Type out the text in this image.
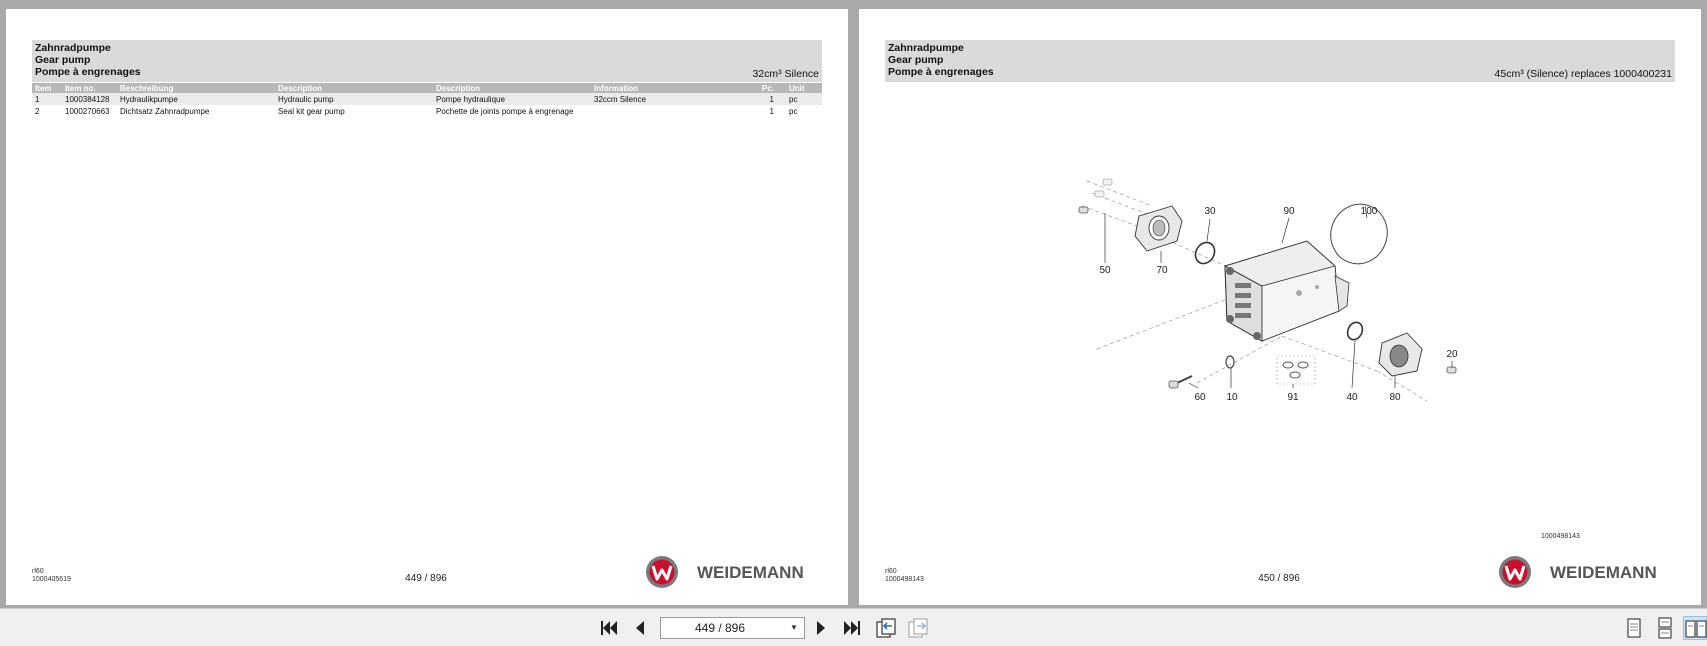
Zahnradpumpe
Gear pump
Pompe à engrenages	32cm³ Silence
Item	Item no.	Beschreibung	Description	Description	Information	Pc.	Unit
1	1000384128	Hydraulikpumpe	Hydraulic pump	Pompe hydraulique	32ccm Silence	1	pc
2	1000270663	Dichtsatz Zahnradpumpe	Seal kit gear pump	Pochette de joints pompe à engrenage		1	pc
rl60
1000405619	449 / 896	WEIDEMANN
Zahnradpumpe
Gear pump
Pompe à engrenages	45cm³ (Silence) replaces 1000400231
30	90	100
50	70
20
60 10	91	40	80
1000498143
rl60
1000498143	450 / 896	WEIDEMANN
449 / 896
▼
